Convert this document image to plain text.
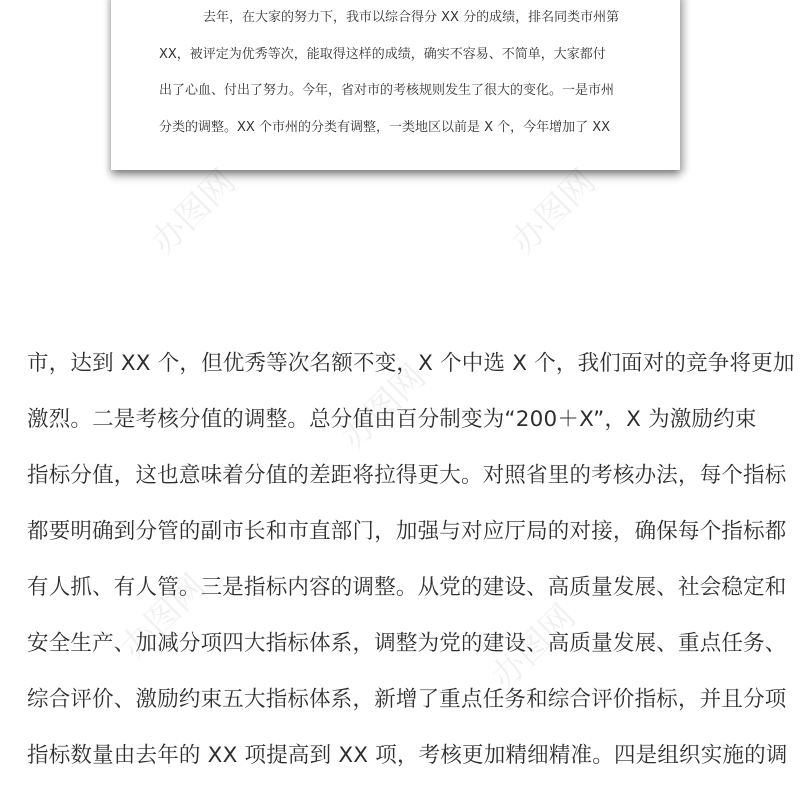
去年，在大家的努力下，我市以综合得分 XX 分的成绩，排名同类市州第
XX，被评定为优秀等次，能取得这样的成绩，确实不容易、不简单，大家都付
出了心血、付出了努力。今年，省对市的考核规则发生了很大的变化。一是市州
分类的调整。XX 个市州的分类有调整，一类地区以前是 X 个，今年增加了 XX
办图网	办图网
办图网
办图网	办图网
市，达到 XX 个，但优秀等次名额不变，X 个中选 X 个，我们面对的竞争将更加
激烈。二是考核分值的调整。总分值由百分制变为“200＋X”，X 为激励约束
指标分值，这也意味着分值的差距将拉得更大。对照省里的考核办法，每个指标
都要明确到分管的副市长和市直部门，加强与对应厅局的对接，确保每个指标都
有人抓、有人管。三是指标内容的调整。从党的建设、高质量发展、社会稳定和
安全生产、加减分项四大指标体系，调整为党的建设、高质量发展、重点任务、
综合评价、激励约束五大指标体系，新增了重点任务和综合评价指标，并且分项
指标数量由去年的 XX 项提高到 XX 项，考核更加精细精准。四是组织实施的调
